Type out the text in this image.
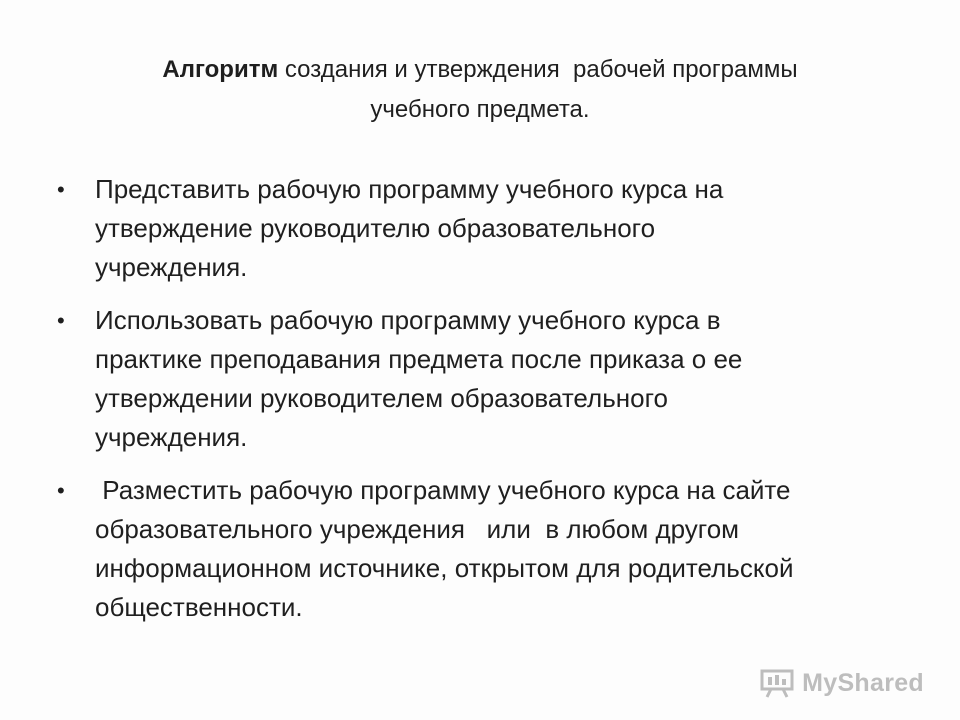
Алгоритм создания и утверждения  рабочей программы
учебного предмета.
•	Представить рабочую программу учебного курса на
утверждение руководителю образовательного
учреждения.
•	Использовать рабочую программу учебного курса в
практике преподавания предмета после приказа о ее
утверждении руководителем образовательного
учреждения.
•	Разместить рабочую программу учебного курса на сайте
образовательного учреждения   или  в любом другом
информационном источнике, открытом для родительской
общественности.
MyShared
